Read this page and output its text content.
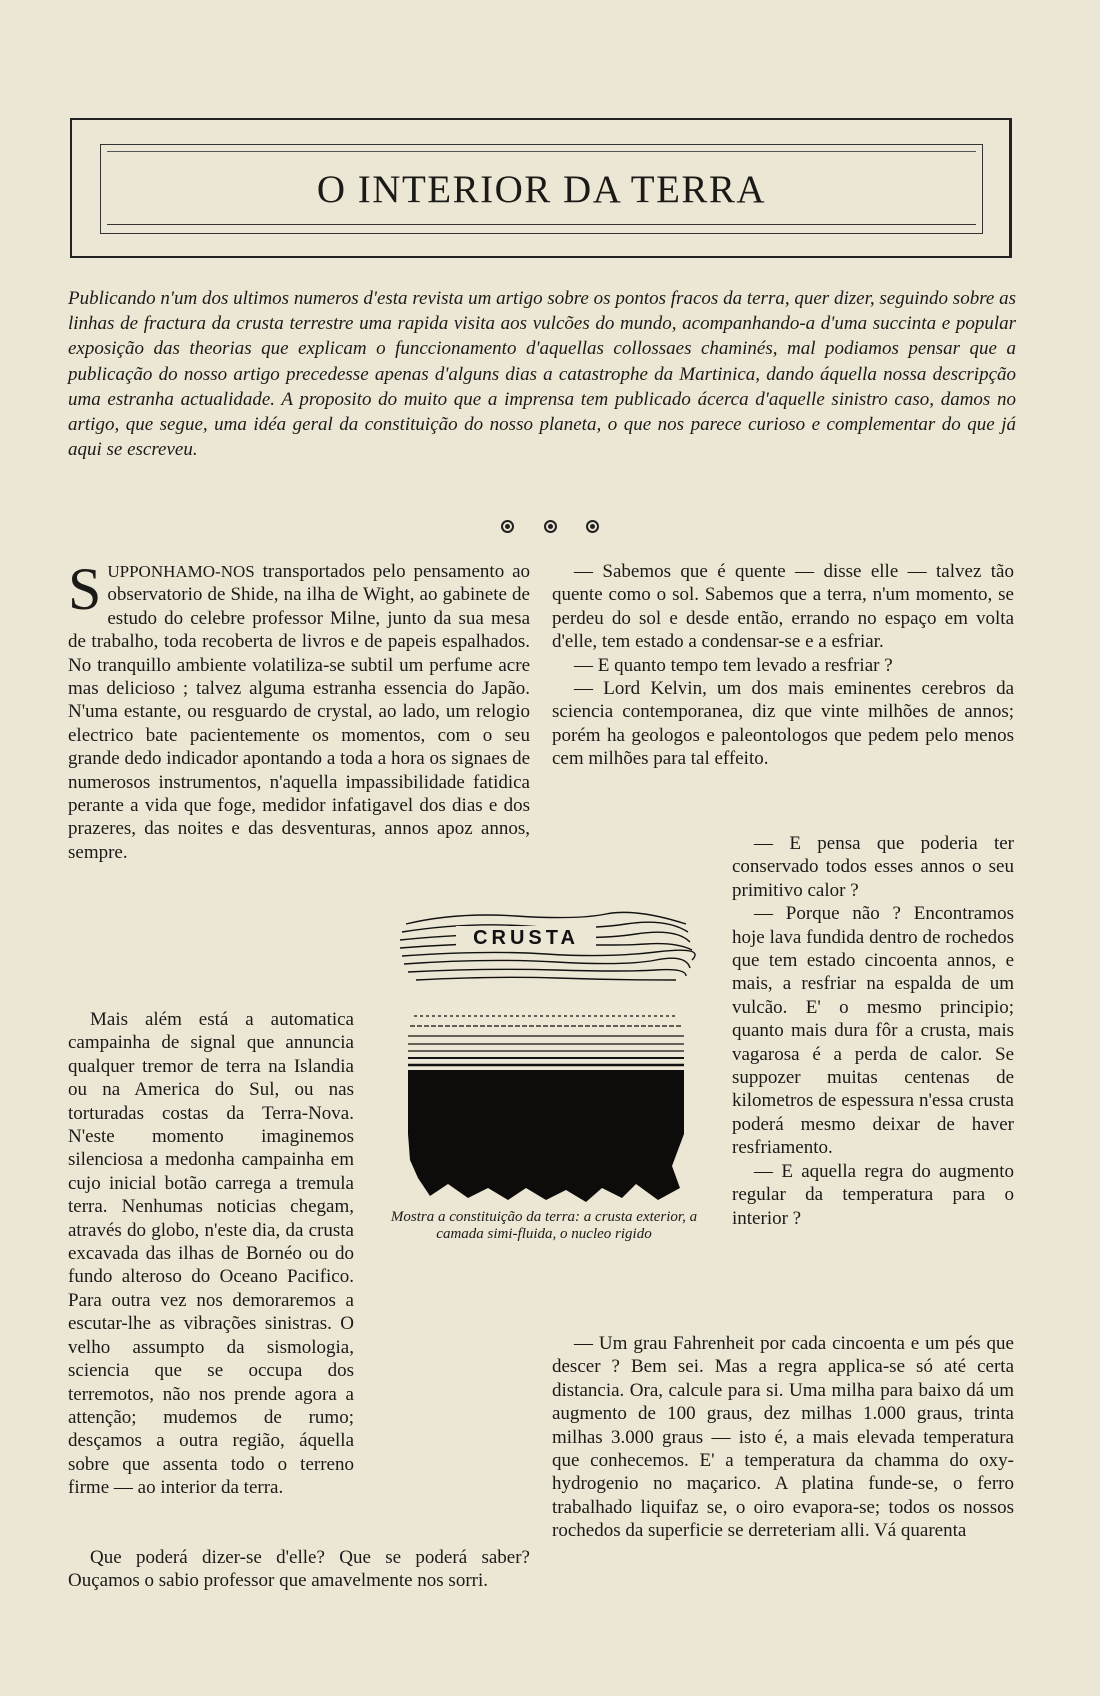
O INTERIOR DA TERRA

Publicando n'um dos ultimos numeros d'esta revista um artigo sobre os pontos fracos da terra, quer dizer, seguindo sobre as linhas de fractura da crusta terrestre uma rapida visita aos vulcões do mundo, acompanhando-a d'uma succinta e popular exposição das theorias que explicam o funccionamento d'aquellas collossaes chaminés, mal podiamos pensar que a publicação do nosso artigo precedesse apenas d'alguns dias a catastrophe da Martinica, dando áquella nossa descripção uma estranha actualidade. A proposito do muito que a imprensa tem publicado ácerca d'aquelle sinistro caso, damos no artigo, que segue, uma idéa geral da constituição do nosso planeta, o que nos parece curioso e complementar do que já aqui se escreveu.

SUPPONHAMO-NOS transportados pelo pensamento ao observatorio de Shide, na ilha de Wight, ao gabinete de estudo do celebre professor Milne, junto da sua mesa de trabalho, toda recoberta de livros e de papeis espalhados. No tranquillo ambiente volatiliza-se subtil um perfume acre mas delicioso ; talvez alguma estranha essencia do Japão. N'uma estante, ou resguardo de crystal, ao lado, um relogio electrico bate pacientemente os momentos, com o seu grande dedo indicador apontando a toda a hora os signaes de numerosos instrumentos, n'aquella impassibilidade fatidica perante a vida que foge, medidor infatigavel dos dias e dos prazeres, das noites e das desventuras, annos apoz annos, sempre.

— Sabemos que é quente — disse elle — talvez tão quente como o sol. Sabemos que a terra, n'um momento, se perdeu do sol e desde então, errando no espaço em volta d'elle, tem estado a condensar-se e a esfriar.

— E quanto tempo tem levado a resfriar ?

— Lord Kelvin, um dos mais eminentes cerebros da sciencia contemporanea, diz que vinte milhões de annos; porém ha geologos e paleontologos que pedem pelo menos cem milhões para tal effeito.

Mais além está a automatica campainha de signal que annuncia qualquer tremor de terra na Islandia ou na America do Sul, ou nas torturadas costas da Terra-Nova. N'este momento imaginemos silenciosa a medonha campainha em cujo inicial botão carrega a tremula terra. Nenhumas noticias chegam, através do globo, n'este dia, da crusta excavada das ilhas de Bornéo ou do fundo alteroso do Oceano Pacifico. Para outra vez nos demoraremos a escutar-lhe as vibrações sinistras. O velho assumpto da sismologia, sciencia que se occupa dos terremotos, não nos prende agora a attenção; mudemos de rumo; desçamos a outra região, áquella sobre que assenta todo o terreno firme — ao interior da terra.

— E pensa que poderia ter conservado todos esses annos o seu primitivo calor ?

— Porque não ? Encontramos hoje lava fundida dentro de rochedos que tem estado cincoenta annos, e mais, a resfriar na espalda de um vulcão. E' o mesmo principio; quanto mais dura fôr a crusta, mais vagarosa é a perda de calor. Se suppozer muitas centenas de kilometros de espessura n'essa crusta poderá mesmo deixar de haver resfriamento.

— E aquella regra do augmento regular da temperatura para o interior ?

Que poderá dizer-se d'elle? Que se poderá saber? Ouçamos o sabio professor que amavelmente nos sorri.

— Um grau Fahrenheit por cada cincoenta e um pés que descer ? Bem sei. Mas a regra applica-se só até certa distancia. Ora, calcule para si. Uma milha para baixo dá um augmento de 100 graus, dez milhas 1.000 graus, trinta milhas 3.000 graus — isto é, a mais elevada temperatura que conhecemos. E' a temperatura da chamma do oxy-hydrogenio no maçarico. A platina funde-se, o ferro trabalhado liquifaz se, o oiro evapora-se; todos os nossos rochedos da superficie se derreteriam alli. Vá quarenta

CRUSTA
Mostra a constituição da terra: a crusta exterior, a camada simi-fluida, o nucleo rigido
